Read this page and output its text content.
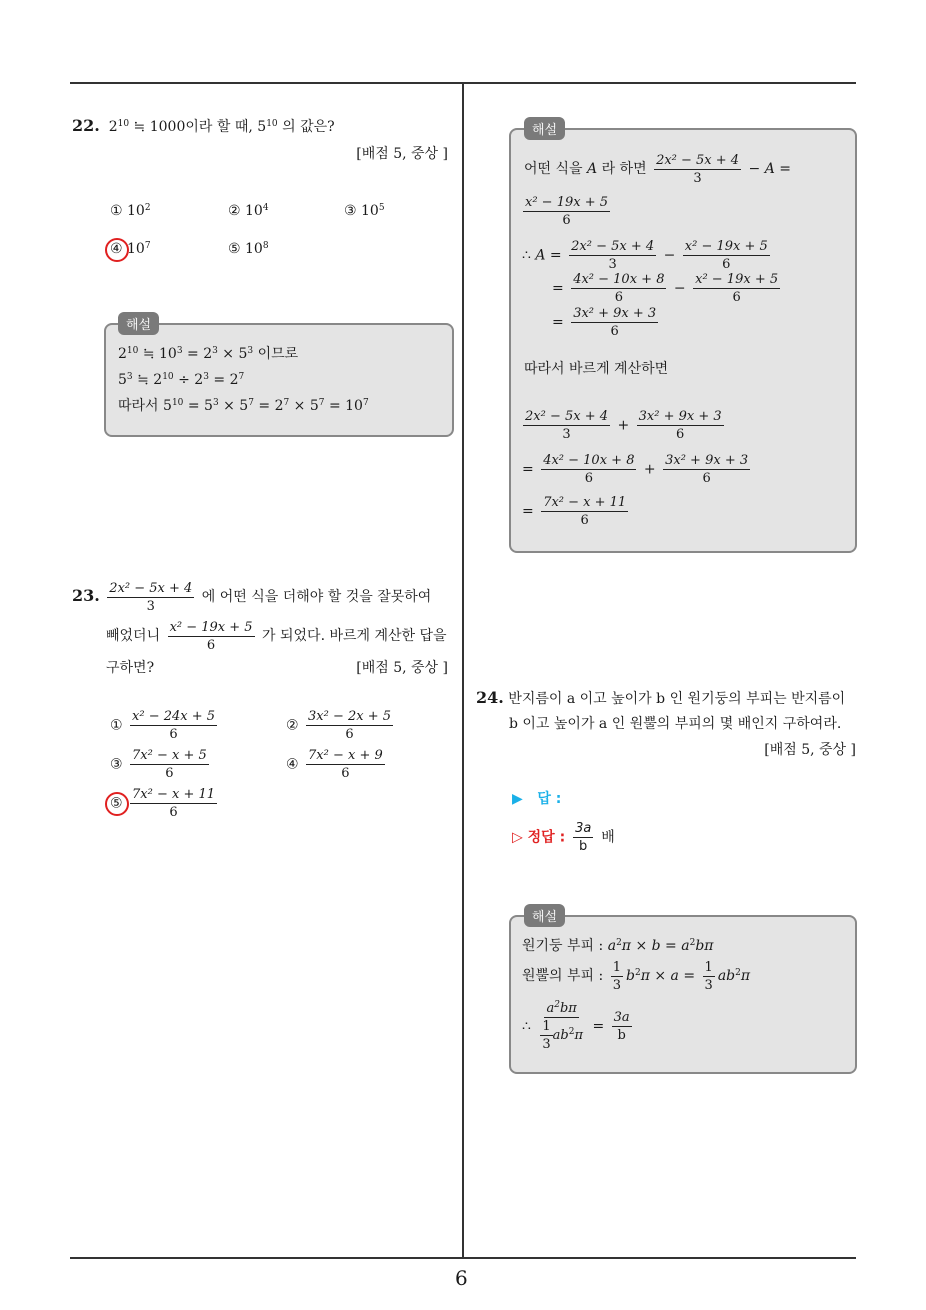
6
22.  $2^{10}$ ≒ 1000이라 할 때, $5^{10}$ 의 값은?
[배점 5, 중상 ]
① $10^2$	② $10^4$	③ $10^5$
④ $10^7$	⑤ $10^8$
해설
$2^{10}$ ≒ $10^3 = 2^3 \times 5^3$ 이므로
$5^3$ ≒ $2^{10} \div 2^3 = 2^7$
따라서 $5^{10} = 5^3 \times 5^7 = 2^7 \times 5^7 = 10^7$
23. $\frac{\text{2x² − 5x + 4}}{3}$ 에 어떤 식을 더해야 할 것을 잘못하여
빼었더니 $\frac{\text{x² − 19x + 5}}{6}$ 가 되었다. 바르게 계산한 답을
구하면?	[배점 5, 중상 ]
① $\frac{\text{x² − 24x + 5}}{6}$	② $\frac{\text{3x² − 2x + 5}}{6}$
③ $\frac{\text{7x² − x + 5}}{6}$	④ $\frac{\text{7x² − x + 9}}{6}$
⑤ $\frac{\text{7x² − x + 11}}{6}$
해설
어떤 식을 A 라 하면 $\frac{\text{2x² − 5x + 4}}{3} - A$ =
$\frac{\text{x² − 19x + 5}}{6}$
∴ $A = \frac{\text{2x² − 5x + 4}}{3} - \frac{\text{x² − 19x + 5}}{6}$
= $\frac{\text{4x² − 10x + 8}}{6} - \frac{\text{x² − 19x + 5}}{6}$
= $\frac{\text{3x² + 9x + 3}}{6}$
따라서 바르게 계산하면
$\frac{\text{2x² − 5x + 4}}{3} + \frac{\text{3x² + 9x + 3}}{6}$
= $\frac{\text{4x² − 10x + 8}}{6} + \frac{\text{3x² + 9x + 3}}{6}$
= $\frac{\text{7x² − x + 11}}{6}$
24. 반지름이 a 이고 높이가 b 인 원기둥의 부피는 반지름이
b 이고 높이가 a 인 원뿔의 부피의 몇 배인지 구하여라.
[배점 5, 중상 ]
▶ 답 :
▷ 정답 : $\frac{3a}{b}$ 배
해설
원기둥 부피 : $a^2\pi \times b = a^2b\pi$
원뿔의 부피 : $\frac{1}{3} b^2\pi \times a = \frac{1}{3} ab^2\pi$
∴ $\frac{a^2b\pi}{\frac{1}{3} ab^2\pi} = \frac{3a}{b}$
